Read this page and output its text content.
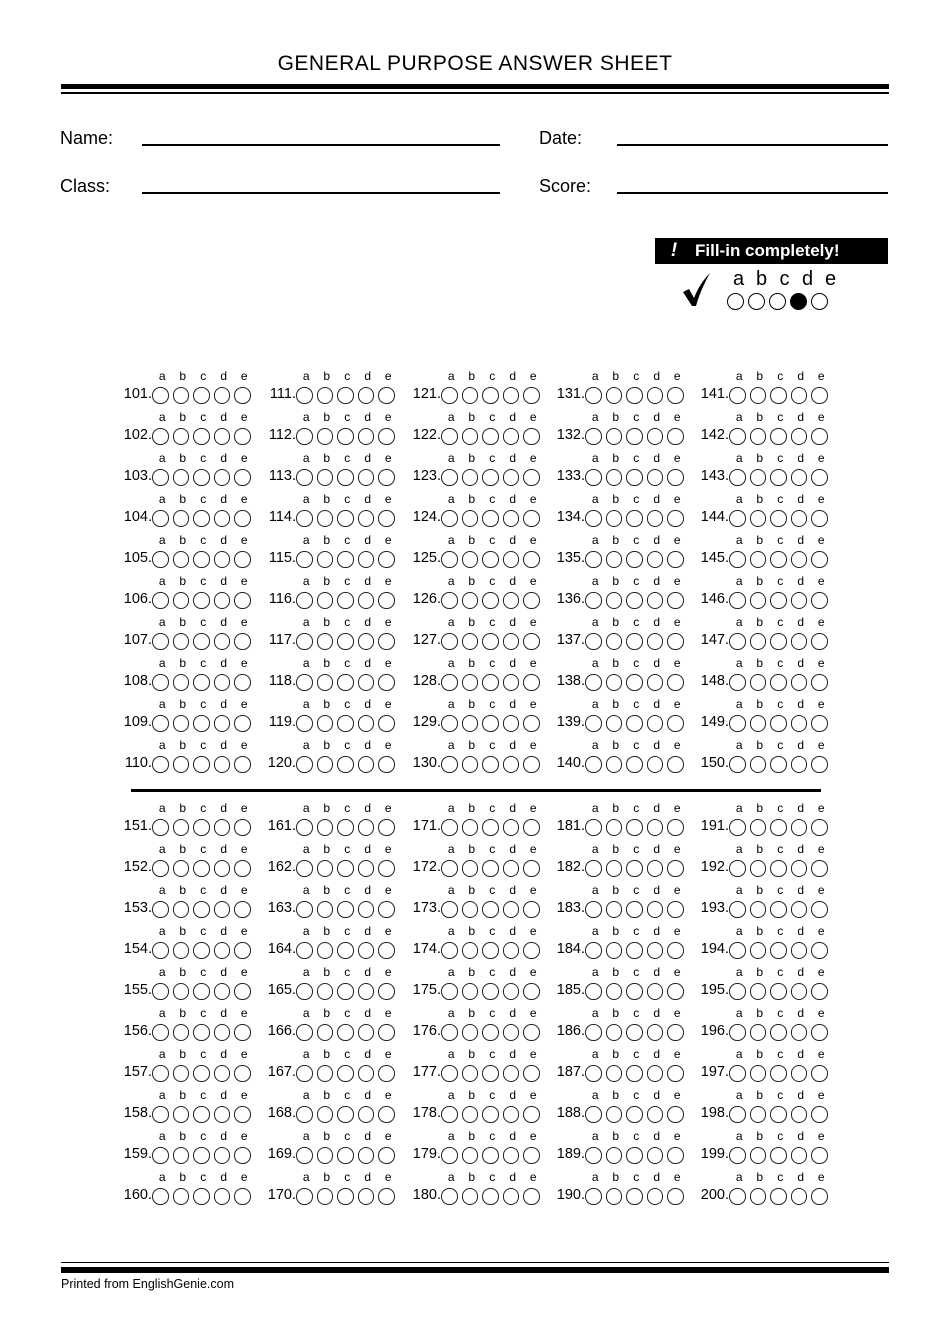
GENERAL PURPOSE ANSWER SHEET
Name:	Date:
Class:	Score:
! Fill-in completely!
a b c d e
a	b	c	d	e
101.
a	b	c	d	e
102.
a	b	c	d	e
103.
a	b	c	d	e
104.
a	b	c	d	e
105.
a	b	c	d	e
106.
a	b	c	d	e
107.
a	b	c	d	e
108.
a	b	c	d	e
109.
a	b	c	d	e
110.
a	b	c	d	e
111.
a	b	c	d	e
112.
a	b	c	d	e
113.
a	b	c	d	e
114.
a	b	c	d	e
115.
a	b	c	d	e
116.
a	b	c	d	e
117.
a	b	c	d	e
118.
a	b	c	d	e
119.
a	b	c	d	e
120.
a	b	c	d	e
121.
a	b	c	d	e
122.
a	b	c	d	e
123.
a	b	c	d	e
124.
a	b	c	d	e
125.
a	b	c	d	e
126.
a	b	c	d	e
127.
a	b	c	d	e
128.
a	b	c	d	e
129.
a	b	c	d	e
130.
a	b	c	d	e
131.
a	b	c	d	e
132.
a	b	c	d	e
133.
a	b	c	d	e
134.
a	b	c	d	e
135.
a	b	c	d	e
136.
a	b	c	d	e
137.
a	b	c	d	e
138.
a	b	c	d	e
139.
a	b	c	d	e
140.
a	b	c	d	e
141.
a	b	c	d	e
142.
a	b	c	d	e
143.
a	b	c	d	e
144.
a	b	c	d	e
145.
a	b	c	d	e
146.
a	b	c	d	e
147.
a	b	c	d	e
148.
a	b	c	d	e
149.
a	b	c	d	e
150.
a	b	c	d	e
151.
a	b	c	d	e
152.
a	b	c	d	e
153.
a	b	c	d	e
154.
a	b	c	d	e
155.
a	b	c	d	e
156.
a	b	c	d	e
157.
a	b	c	d	e
158.
a	b	c	d	e
159.
a	b	c	d	e
160.
a	b	c	d	e
161.
a	b	c	d	e
162.
a	b	c	d	e
163.
a	b	c	d	e
164.
a	b	c	d	e
165.
a	b	c	d	e
166.
a	b	c	d	e
167.
a	b	c	d	e
168.
a	b	c	d	e
169.
a	b	c	d	e
170.
a	b	c	d	e
171.
a	b	c	d	e
172.
a	b	c	d	e
173.
a	b	c	d	e
174.
a	b	c	d	e
175.
a	b	c	d	e
176.
a	b	c	d	e
177.
a	b	c	d	e
178.
a	b	c	d	e
179.
a	b	c	d	e
180.
a	b	c	d	e
181.
a	b	c	d	e
182.
a	b	c	d	e
183.
a	b	c	d	e
184.
a	b	c	d	e
185.
a	b	c	d	e
186.
a	b	c	d	e
187.
a	b	c	d	e
188.
a	b	c	d	e
189.
a	b	c	d	e
190.
a	b	c	d	e
191.
a	b	c	d	e
192.
a	b	c	d	e
193.
a	b	c	d	e
194.
a	b	c	d	e
195.
a	b	c	d	e
196.
a	b	c	d	e
197.
a	b	c	d	e
198.
a	b	c	d	e
199.
a	b	c	d	e
200.
Printed from EnglishGenie.com
